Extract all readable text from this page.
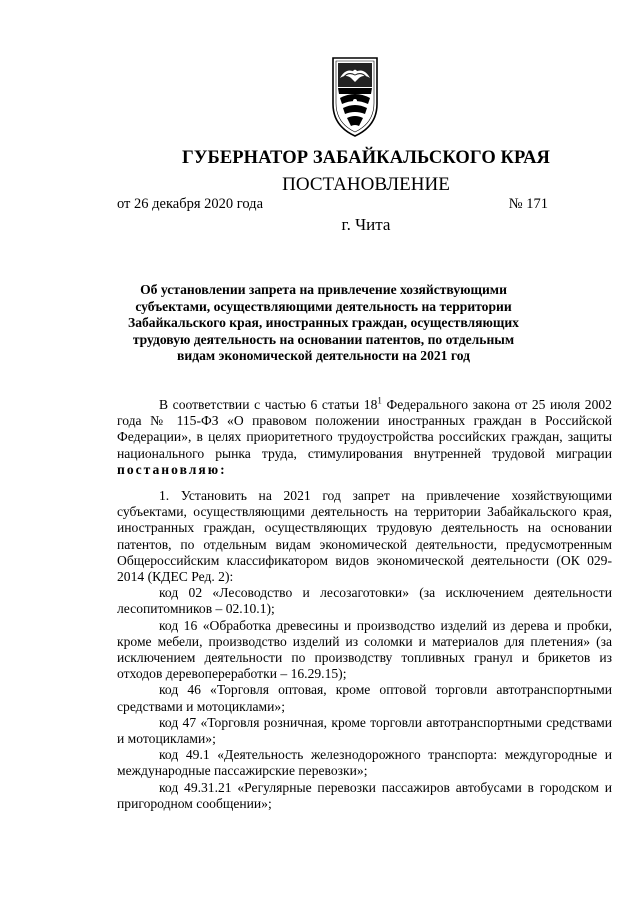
ГУБЕРНАТОР ЗАБАЙКАЛЬСКОГО КРАЯ
ПОСТАНОВЛЕНИЕ
от 26 декабря 2020 года	№ 171
г. Чита

Об установлении запрета на привлечение хозяйствующими субъектами, осуществляющими деятельность на территории Забайкальского края, иностранных граждан, осуществляющих трудовую деятельность на основании патентов, по отдельным видам экономической деятельности на 2021 год

В соответствии с частью 6 статьи $18^1$ Федерального закона от 25 июля 2002 года № 115-ФЗ «О правовом положении иностранных граждан в Российской Федерации», в целях приоритетного трудоустройства российских граждан, защиты национального рынка труда, стимулирования внутренней трудовой миграции постановляю:

1. Установить на 2021 год запрет на привлечение хозяйствующими субъектами, осуществляющими деятельность на территории Забайкальского края, иностранных граждан, осуществляющих трудовую деятельность на основании патентов, по отдельным видам экономической деятельности, предусмотренным Общероссийским классификатором видов экономической деятельности (ОК 029-2014 (КДЕС Ред. 2):

код 02 «Лесоводство и лесозаготовки» (за исключением деятельности лесопитомников – 02.10.1);

код 16 «Обработка древесины и производство изделий из дерева и пробки, кроме мебели, производство изделий из соломки и материалов для плетения» (за исключением деятельности по производству топливных гранул и брикетов из отходов деревопереработки – 16.29.15);

код 46 «Торговля оптовая, кроме оптовой торговли автотранспортными средствами и мотоциклами»;

код 47 «Торговля розничная, кроме торговли автотранспортными средствами и мотоциклами»;

код 49.1 «Деятельность железнодорожного транспорта: междугородные и международные пассажирские перевозки»;

код 49.31.21 «Регулярные перевозки пассажиров автобусами в городском и пригородном сообщении»;
